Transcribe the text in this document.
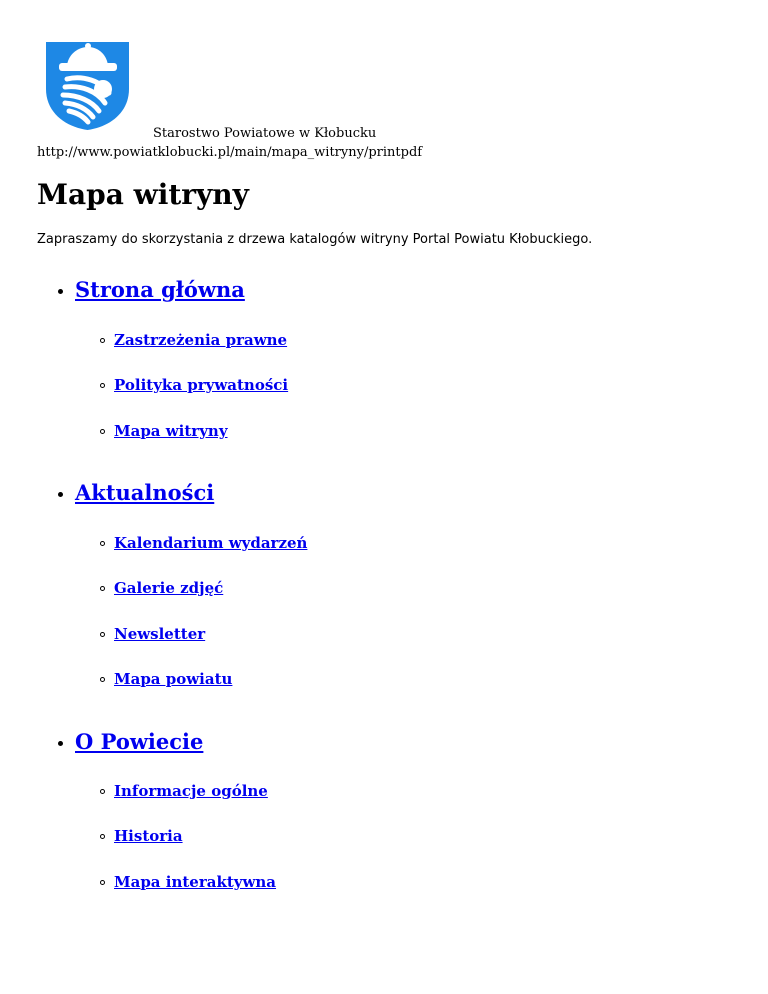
Starostwo Powiatowe w Kłobucku
http://www.powiatklobucki.pl/main/mapa_witryny/printpdf
Mapa witryny

Zapraszamy do skorzystania z drzewa katalogów witryny Portal Powiatu Kłobuckiego.

Strona główna
Zastrzeżenia prawne
Polityka prywatności
Mapa witryny
Aktualności
Kalendarium wydarzeń
Galerie zdjęć
Newsletter
Mapa powiatu
O Powiecie
Informacje ogólne
Historia
Mapa interaktywna
